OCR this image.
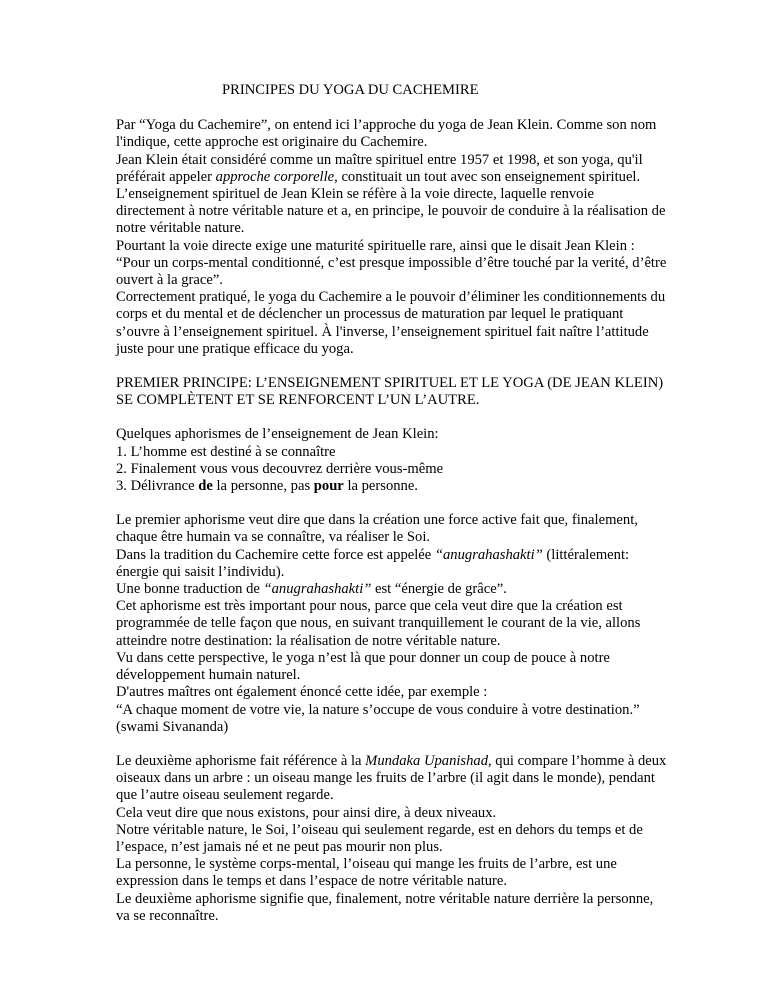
PRINCIPES DU YOGA DU CACHEMIRE

Par “Yoga du Cachemire”, on entend ici l’approche du yoga de Jean Klein. Comme son nom

l'indique, cette approche est originaire du Cachemire.

Jean Klein était considéré comme un maître spirituel entre 1957 et 1998, et son yoga, qu'il

préférait appeler approche corporelle, constituait un tout avec son enseignement spirituel.

L’enseignement spirituel de Jean Klein se réfère à la voie directe, laquelle renvoie

directement à notre véritable nature et a, en principe, le pouvoir de conduire à la réalisation de

notre véritable nature.

Pourtant la voie directe exige une maturité spirituelle rare, ainsi que le disait Jean Klein :

“Pour un corps-mental conditionné, c’est presque impossible d’être touché par la verité, d’être

ouvert à la grace”.

Correctement pratiqué, le yoga du Cachemire a le pouvoir d’éliminer les conditionnements du

corps et du mental et de déclencher un processus de maturation par lequel le pratiquant

s’ouvre à l’enseignement spirituel. À l'inverse, l’enseignement spirituel fait naître l’attitude

juste pour une pratique efficace du yoga.

PREMIER PRINCIPE: L’ENSEIGNEMENT SPIRITUEL ET LE YOGA (DE JEAN KLEIN)

SE COMPLÈTENT ET SE RENFORCENT L’UN L’AUTRE.

Quelques aphorismes de l’enseignement de Jean Klein:

1. L’homme est destiné à se connaître

2. Finalement vous vous decouvrez derrière vous-même

3. Délivrance de la personne, pas pour la personne.

Le premier aphorisme veut dire que dans la création une force active fait que, finalement,

chaque être humain va se connaître, va réaliser le Soi.

Dans la tradition du Cachemire cette force est appelée “anugrahashakti” (littéralement:

énergie qui saisit l’individu).

Une bonne traduction de “anugrahashakti” est “énergie de grâce”.

Cet aphorisme est très important pour nous, parce que cela veut dire que la création est

programmée de telle façon que nous, en suivant tranquillement le courant de la vie, allons

atteindre notre destination: la réalisation de notre véritable nature.

Vu dans cette perspective, le yoga n’est là que pour donner un coup de pouce à notre

développement humain naturel.

D'autres maîtres ont également énoncé cette idée, par exemple :

“A chaque moment de votre vie, la nature s’occupe de vous conduire à votre destination.”

(swami Sivananda)

Le deuxième aphorisme fait référence à la Mundaka Upanishad, qui compare l’homme à deux

oiseaux dans un arbre : un oiseau mange les fruits de l’arbre (il agit dans le monde), pendant

que l’autre oiseau seulement regarde.

Cela veut dire que nous existons, pour ainsi dire, à deux niveaux.

Notre véritable nature, le Soi, l’oiseau qui seulement regarde, est en dehors du temps et de

l’espace, n’est jamais né et ne peut pas mourir non plus.

La personne, le système corps-mental, l’oiseau qui mange les fruits de l’arbre, est une

expression dans le temps et dans l’espace de notre véritable nature.

Le deuxième aphorisme signifie que, finalement, notre véritable nature derrière la personne,

va se reconnaître.
